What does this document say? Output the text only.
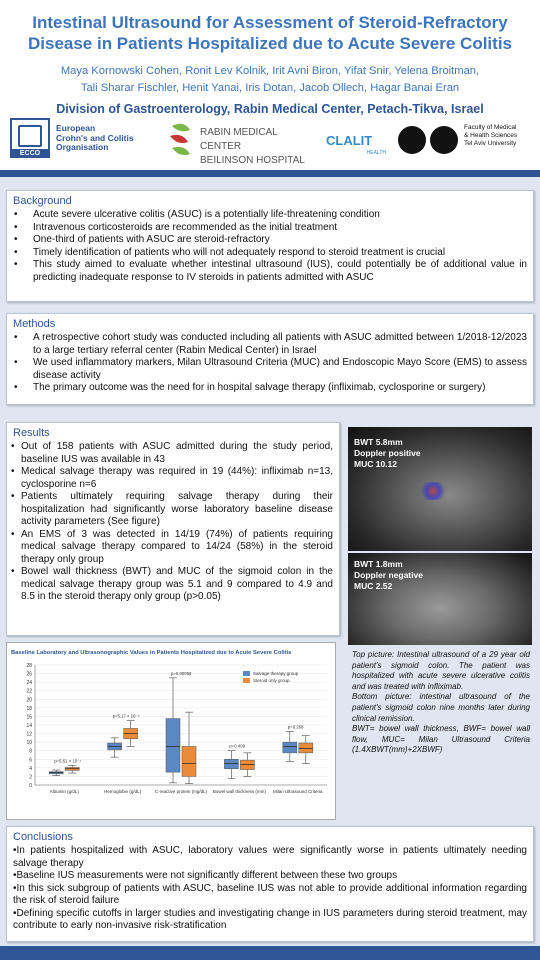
Intestinal Ultrasound for Assessment of Steroid-Refractory
Disease in Patients Hospitalized due to Acute Severe Colitis
Maya Kornowski Cohen, Ronit Lev Kolnik, Irit Avni Biron, Yifat Snir, Yelena Broitman,
Tali Sharar Fischler, Henit Yanai, Iris Dotan, Jacob Ollech, Hagar Banai Eran
Division of Gastroenterology, Rabin Medical Center, Petach-Tikva, Israel
ECCO
European
Crohn's and Colitis
Organisation
RABIN MEDICAL CENTER
BEILINSON HOSPITAL
CLALIT
HEALTH
Faculty of Medical
& Health Sciences
Tel Aviv University
Background
• Acute severe ulcerative colitis (ASUC) is a potentially life-threatening condition
• Intravenous corticosteroids are recommended as the initial treatment
• One-third of patients with ASUC are steroid-refractory
• Timely identification of patients who will not adequately respond to steroid treatment is crucial
• This study aimed to evaluate whether intestinal ultrasound (IUS), could potentially be of additional value in predicting inadequate response to IV steroids in patients admitted with ASUC
Methods
• A retrospective cohort study was conducted including all patients with ASUC admitted between 1/2018-12/2023 to a large tertiary referral center (Rabin Medical Center) in Israel
• We used inflammatory markers, Milan Ultrasound Criteria (MUC) and Endoscopic Mayo Score (EMS) to assess disease activity
• The primary outcome was the need for in hospital salvage therapy (infliximab, cyclosporine or surgery)
Results
• Out of 158 patients with ASUC admitted during the study period, baseline IUS was available in 43
• Medical salvage therapy was required in 19 (44%): infliximab n=13, cyclosporine n=6
• Patients ultimately requiring salvage therapy during their hospitalization had significantly worse laboratory baseline disease activity parameters (See figure)
• An EMS of 3 was detected in 14/19 (74%) of patients requiring medical salvage therapy compared to 14/24 (58%) in the steroid therapy only group
• Bowel wall thickness (BWT) and MUC of the sigmoid colon in the medical salvage therapy group was 5.1 and 9 compared to 4.9 and 8.5 in the steroid therapy only group (p>0.05)
BWT 5.8mm
Doppler positive
MUC 10.12
BWT 1.8mm
Doppler negative
MUC 2.52
Top picture: Intestinal ultrasound of a 29 year old patient's sigmoid colon. The patient was hospitalized with acute severe ulcerative colitis and was treated with infliximab.
Bottom picture: intestinal ultrasound of the patient's sigmoid colon nine months later during clinical remission.
BWT= bowel wall thickness, BWF= bowel wall flow, MUC= Milan Ultrasound Criteria (1.4XBWT(mm)+2XBWF)
Baseline Laboratory and Ultrasonographic Values in Patients Hospitalized due to Acute Severe Colitis
0
2
4
6
8
10
12
14
16
18
20
22
24
26
28
Albumin (g/dL)
p=5.61 × 10⁻⁴
Hemoglobin (g/dL)
p=5.17 × 10⁻⁴
C-reactive protein (mg/dL)
p=0.00058
Bowel wall thickness (mm)
p=0.409
Milan Ultrasound Criteria
p=0.268
Salvage therapy group
Steroid only group
Conclusions
•In patients hospitalized with ASUC, laboratory values were significantly worse in patients ultimately needing salvage therapy
•Baseline IUS measurements were not significantly different between these two groups
•In this sick subgroup of patients with ASUC, baseline IUS was not able to provide additional information regarding the risk of steroid failure
•Defining specific cutoffs in larger studies and investigating change in IUS parameters during steroid treatment, may contribute to early non-invasive risk-stratification
